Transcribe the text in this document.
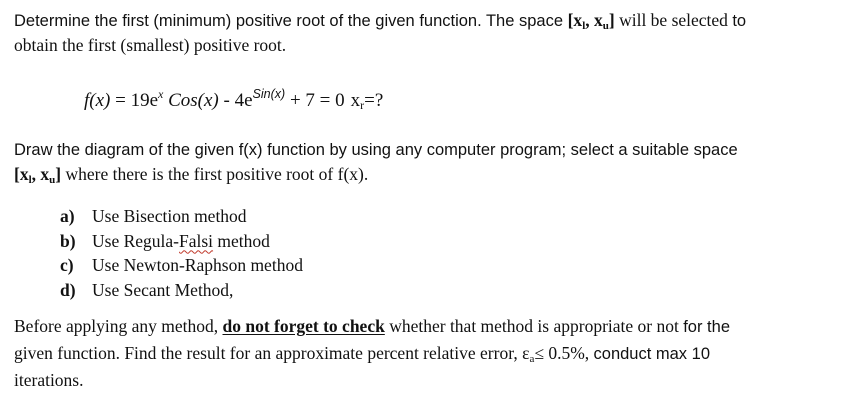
Determine the first (minimum) positive root of the given function. The space [$x_l$, $x_u$] will be selected to
obtain the first (smallest) positive root.

$f(x) = 19e^x$ $Cos(x) - 4e^{Sin(x)} + 7 = 0$ $x_r=$?

Draw the diagram of the given f(x) function by using any computer program; select a suitable space
[$x_l$, $x_u$] where there is the first positive root of f(x).

a) Use Bisection method
b) Use Regula-Falsi method
c) Use Newton-Raphson method
d) Use Secant Method,

Before applying any method, do not forget to check whether that method is appropriate or not for the
given function. Find the result for an approximate percent relative error, $\varepsilon_a\le 0.5\%$, conduct max 10
iterations.
